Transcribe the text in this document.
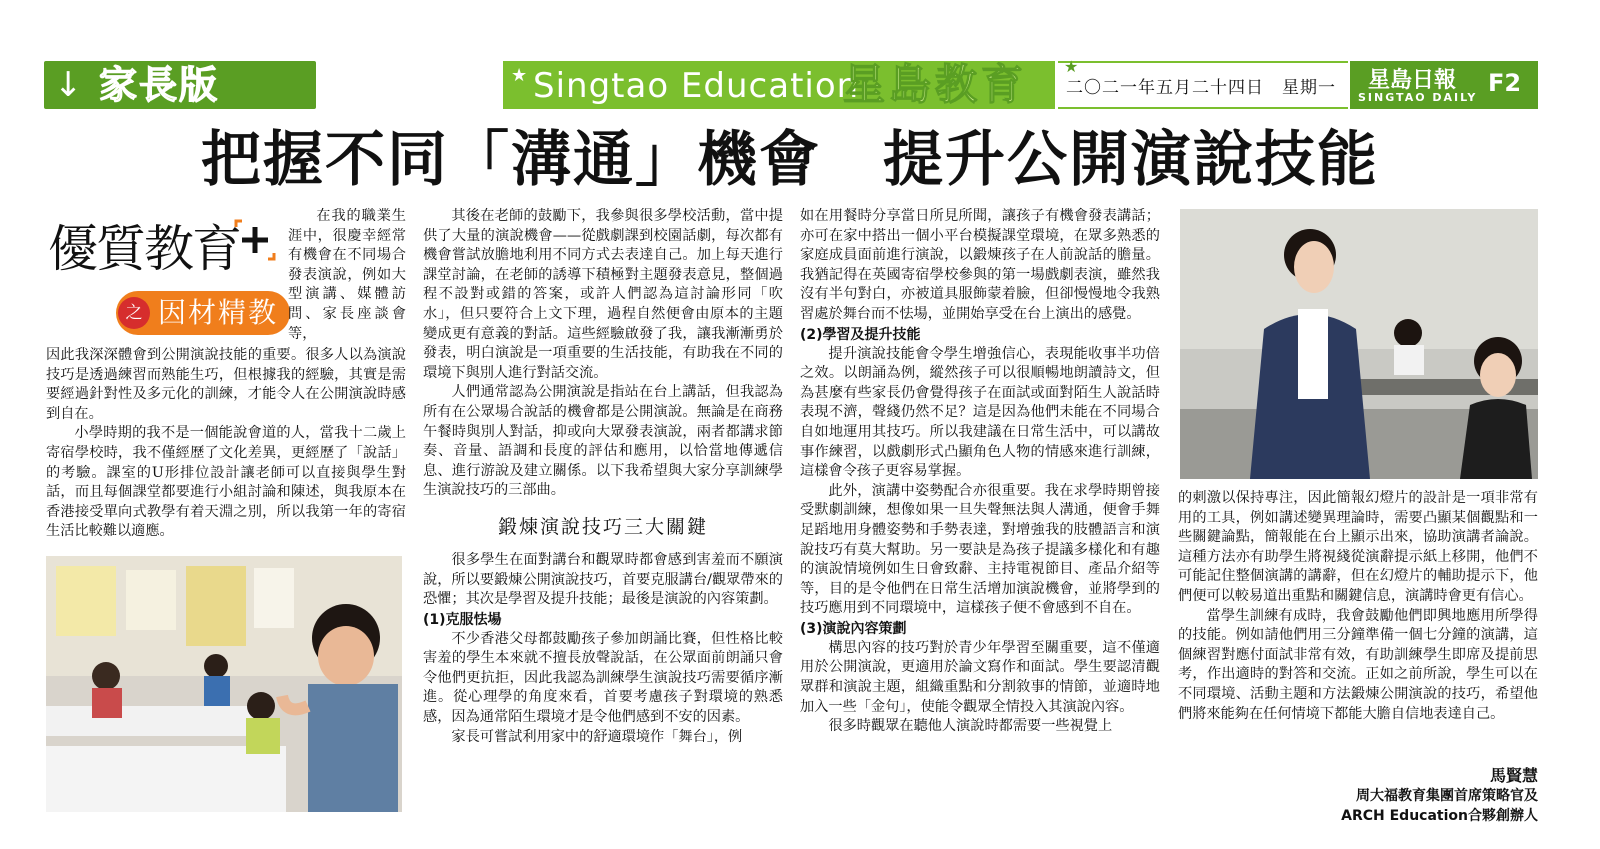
↓ 家長版	★	★ Singtao Education
星島教育 ★
二〇二一年五月二十四日　星期一 星島日報
SINGTAO DAILY
F2
把握不同「溝通」機會　提升公開演說技能
優質教育
之 因材精教

在我的職業生涯中，很慶幸經常有機會在不同場合發表演說，例如大型演講、媒體訪問、家長座談會等，

因此我深深體會到公開演說技能的重要。很多人以為演說技巧是透過練習而熟能生巧，但根據我的經驗，其實是需要經過針對性及多元化的訓練，才能令人在公開演說時感到自在。

小學時期的我不是一個能說會道的人，當我十二歲上寄宿學校時，我不僅經歷了文化差異，更經歷了「說話」的考驗。課室的U形排位設計讓老師可以直接與學生對話，而且每個課堂都要進行小組討論和陳述，與我原本在香港接受單向式教學有着天淵之別，所以我第一年的寄宿生活比較難以適應。

其後在老師的鼓勵下，我參與很多學校活動，當中提供了大量的演說機會——從戲劇課到校園話劇，每次都有機會嘗試放膽地利用不同方式去表達自己。加上每天進行課堂討論，在老師的誘導下積極對主題發表意見，整個過程不設對或錯的答案，或許人們認為這討論形同「吹水」，但只要符合上文下理，過程自然便會由原本的主題變成更有意義的對話。這些經驗啟發了我，讓我漸漸勇於發表，明白演說是一項重要的生活技能，有助我在不同的環境下與別人進行對話交流。

人們通常認為公開演說是指站在台上講話，但我認為所有在公眾場合說話的機會都是公開演說。無論是在商務午餐時與別人對話，抑或向大眾發表演說，兩者都講求節奏、音量、語調和長度的評估和應用，以恰當地傳遞信息、進行游說及建立關係。以下我希望與大家分享訓練學生演說技巧的三部曲。

鍛煉演說技巧三大關鍵

很多學生在面對講台和觀眾時都會感到害羞而不願演說，所以要鍛煉公開演說技巧，首要克服講台/觀眾帶來的恐懼；其次是學習及提升技能；最後是演說的內容策劃。

(1)克服怯場

不少香港父母都鼓勵孩子參加朗誦比賽，但性格比較害羞的學生本來就不擅長放聲說話，在公眾面前朗誦只會令他們更抗拒，因此我認為訓練學生演說技巧需要循序漸進。從心理學的角度來看，首要考慮孩子對環境的熟悉感，因為通常陌生環境才是令他們感到不安的因素。

家長可嘗試利用家中的舒適環境作「舞台」，例

如在用餐時分享當日所見所聞，讓孩子有機會發表講話；亦可在家中搭出一個小平台模擬課堂環境，在眾多熟悉的家庭成員面前進行演說，以鍛煉孩子在人前說話的膽量。我猶記得在英國寄宿學校參與的第一場戲劇表演，雖然我沒有半句對白，亦被道具服飾蒙着臉，但卻慢慢地令我熟習處於舞台而不怯場，並開始享受在台上演出的感覺。

(2)學習及提升技能

提升演說技能會令學生增強信心，表現能收事半功倍之效。以朗誦為例，縱然孩子可以很順暢地朗讀詩文，但為甚麼有些家長仍會覺得孩子在面試或面對陌生人說話時表現不濟，聲綫仍然不足？這是因為他們未能在不同場合自如地運用其技巧。所以我建議在日常生活中，可以講故事作練習，以戲劇形式凸顯角色人物的情感來進行訓練，這樣會令孩子更容易掌握。

此外，演講中姿勢配合亦很重要。我在求學時期曾接受默劇訓練，想像如果一旦失聲無法與人溝通，便會手舞足蹈地用身體姿勢和手勢表達，對增強我的肢體語言和演說技巧有莫大幫助。另一要訣是為孩子提議多樣化和有趣的演說情境例如生日會致辭、主持電視節目、產品介紹等等，目的是令他們在日常生活增加演說機會，並將學到的技巧應用到不同環境中，這樣孩子便不會感到不自在。

(3)演說內容策劃

構思內容的技巧對於青少年學習至關重要，這不僅適用於公開演說，更適用於論文寫作和面試。學生要認清觀眾群和演說主題，組織重點和分割敘事的情節，並適時地加入一些「金句」，使能令觀眾全情投入其演說內容。

很多時觀眾在聽他人演說時都需要一些視覺上

的刺激以保持專注，因此簡報幻燈片的設計是一項非常有用的工具，例如講述變異理論時，需要凸顯某個觀點和一些關鍵論點，簡報能在台上顯示出來，協助演講者論說。這種方法亦有助學生將視綫從演辭提示紙上移開，他們不可能記住整個演講的講辭，但在幻燈片的輔助提示下，他們便可以較易道出重點和關鍵信息，演講時會更有信心。

當學生訓練有成時，我會鼓勵他們即興地應用所學得的技能。例如請他們用三分鐘準備一個七分鐘的演講，這個練習對應付面試非常有效，有助訓練學生即席及提前思考，作出適時的對答和交流。正如之前所說，學生可以在不同環境、活動主題和方法鍛煉公開演說的技巧，希望他們將來能夠在任何情境下都能大膽自信地表達自己。

馬賢慧
周大福教育集團首席策略官及
ARCH Education合夥創辦人
